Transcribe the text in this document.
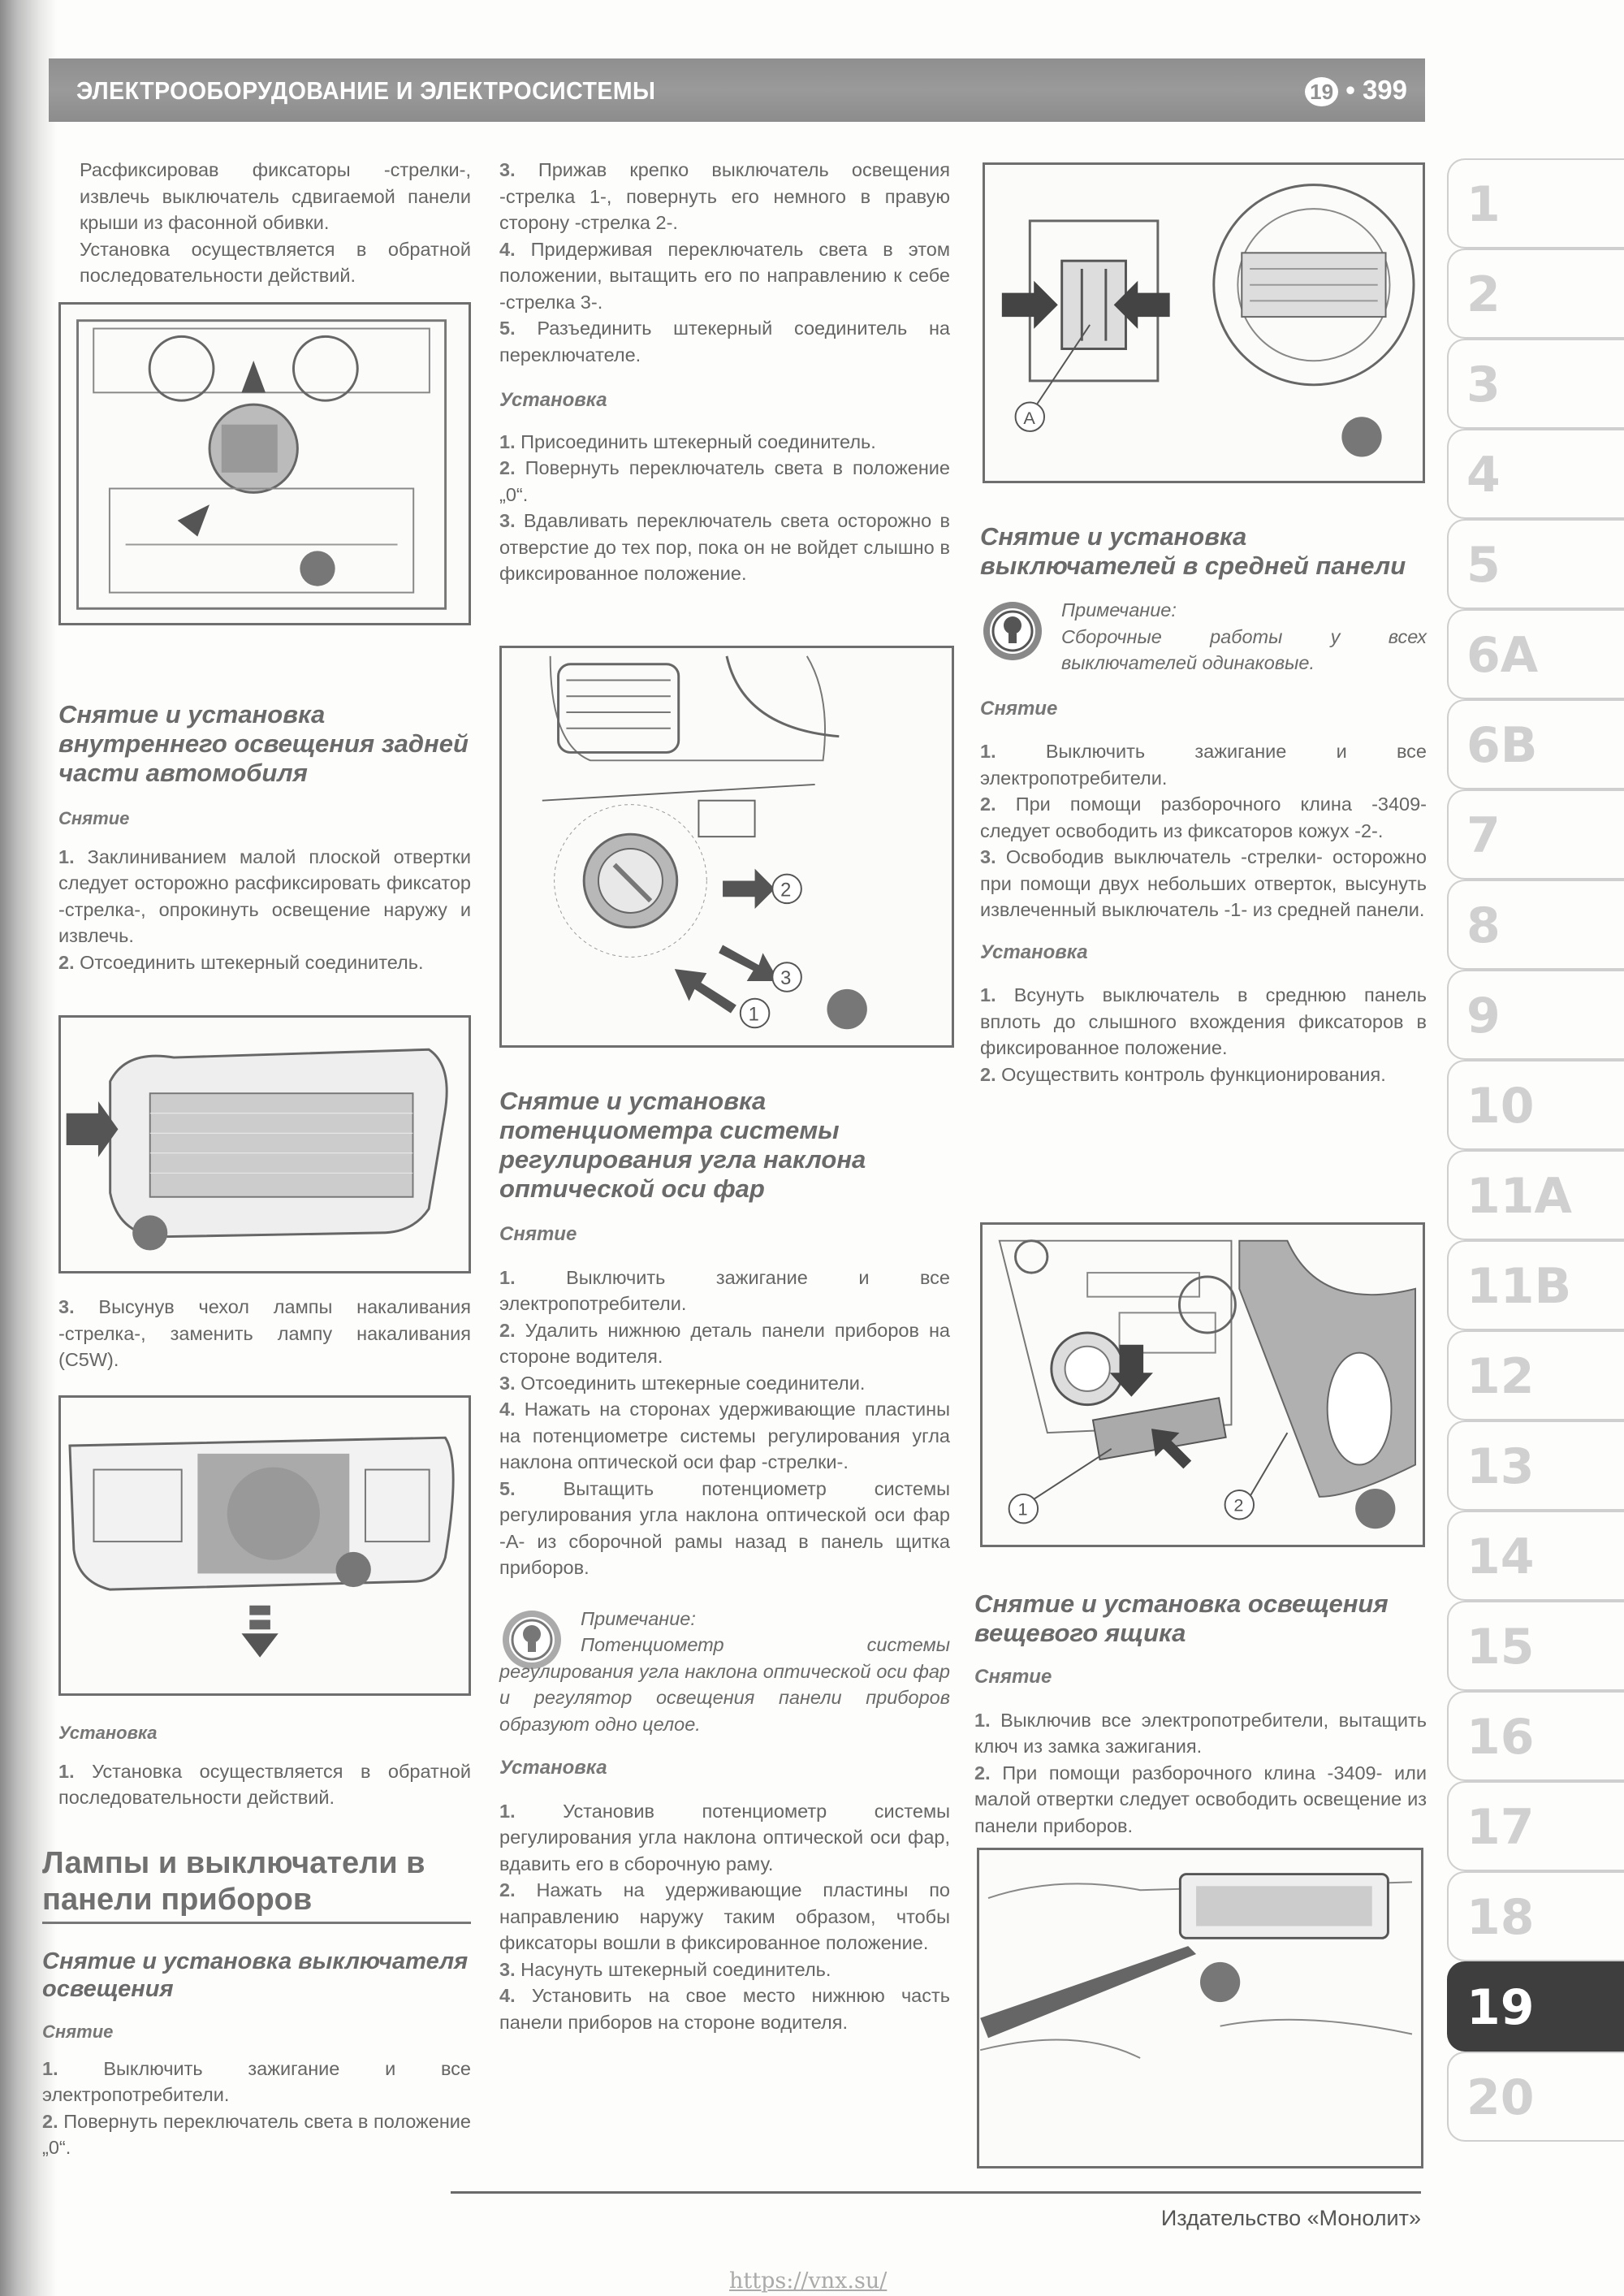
ЭЛЕКТРООБОРУДОВАНИЕ И ЭЛЕКТРОСИСТЕМЫ	19 • 399

Расфиксировав фиксаторы -стрелки-, извлечь выключатель сдвигаемой панели крыши из фасонной обивки.

Установка осуществляется в обратной последовательности действий.

Снятие и установка внутреннего освещения задней части автомобиля
Снятие

1. Заклиниванием малой плоской отвертки следует осторожно расфиксировать фиксатор -стрелка-, опрокинуть освещение наружу и извлечь.

2. Отсоединить штекерный соединитель.

3. Высунув чехол лампы накаливания -стрелка-, заменить лампу накаливания (C5W).

Установка

1. Установка осуществляется в обратной последовательности действий.

Лампы и выключатели в панели приборов
Снятие и установка выключателя освещения
Снятие

1. Выключить зажигание и все электропотребители.

2. Повернуть переключатель света в положение „0“.

3. Прижав крепко выключатель освещения -стрелка 1-, повернуть его немного в правую сторону -стрелка 2-.

4. Придерживая переключатель света в этом положении, вытащить его по направлению к себе -стрелка 3-.

5. Разъединить штекерный соединитель на переключателе.

Установка

1. Присоединить штекерный соединитель.

2. Повернуть переключатель света в положение „0“.

3. Вдавливать переключатель света осторожно в отверстие до тех пор, пока он не войдет слышно в фиксированное положение.

2
3
1
Снятие и установка потенциометра системы регулирования угла наклона оптической оси фар
Снятие

1.	Выключить зажигание и все электропотребители.

2. Удалить нижнюю деталь панели приборов на стороне водителя.

3. Отсоединить штекерные соединители.

4. Нажать на сторонах удерживающие пластины на потенциометре системы регулирования угла наклона оптической оси фар -стрелки-.

5.	Вытащить потенциометр системы регулирования угла наклона оптической оси фар -А- из сборочной рамы назад в панель щитка приборов.

Примечание:

Потенциометр системы регулирования угла наклона оптической оси фар и регулятор освещения панели приборов образуют одно целое.

Установка

1. Установив потенциометр системы регулирования угла наклона оптической оси фар, вдавить его в сборочную раму.

2. Нажать на удерживающие пластины по направлению наружу таким образом, чтобы фиксаторы вошли в фиксированное положение.

3. Насунуть штекерный соединитель.

4. Установить на свое место нижнюю часть панели приборов на стороне водителя.

A
Снятие и установка выключателей в средней панели

Примечание:

Сборочные работы у всех выключателей одинаковые.

Снятие

1.	Выключить зажигание и все электропотребители.

2. При помощи разборочного клина -3409- следует освободить из фиксаторов кожух -2-.

3. Освободив выключатель -стрелки- осторожно при помощи двух небольших отверток, высунуть извлеченный выключатель -1- из средней панели.

Установка

1. Всунуть выключатель в среднюю панель вплоть до слышного вхождения фиксаторов в фиксированное положение.

2. Осуществить контроль функционирования.

1	2
Снятие и установка освещения вещевого ящика
Снятие

1. Выключив все электропотребители, вытащить ключ из замка зажигания.

2. При помощи разборочного клина -3409- или малой отвертки следует освободить освещение из панели приборов.

1
2
3
4
5
6A
6B
7
8
9
10
11A
11B
12
13
14
15
16
17
18
19
20
Издательство «Монолит»
https://vnx.su/
